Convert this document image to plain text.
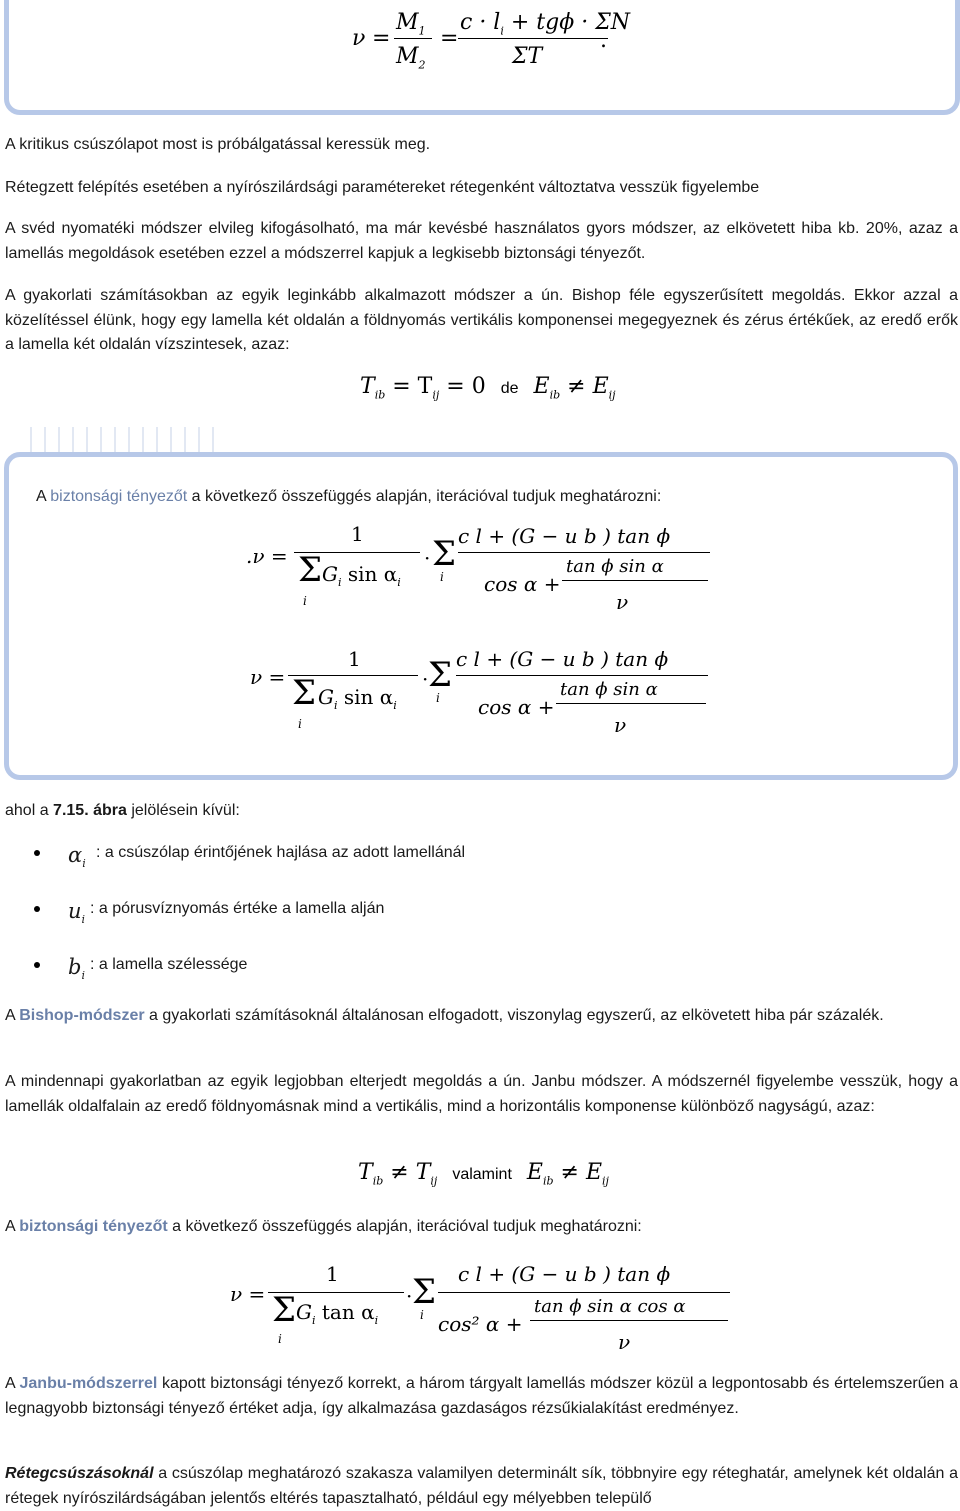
ν =
$M_1$
$M_2$
=
$c \cdot l_i + tg\phi \cdot \Sigma N$
ΣT
.

A kritikus csúszólapot most is próbálgatással keressük meg.

Rétegzett felépítés esetében a nyírószilárdsági paramétereket rétegenként változtatva vesszük figyelembe

A svéd nyomatéki módszer elvileg kifogásolható, ma már kevésbé használatos gyors módszer, az elkövetett hiba kb. 20%, azaz a lamellás megoldások esetében ezzel a módszerrel kapjuk a legkisebb biztonsági tényezőt.

A gyakorlati számításokban az egyik leginkább alkalmazott módszer a ún. Bishop féle egyszerűsített megoldás. Ekkor azzal a közelítéssel élünk, hogy egy lamella két oldalán a földnyomás vertikális komponensei megegyeznek és zérus értékűek, az eredő erők a lamella két oldalán vízszintesek, azaz:

$T_{ib} = T_{ij} = 0$ de $E_{ib} \ne E_{ij}$

A biztonsági tényezőt a következő összefüggés alapján, iterációval tudjuk meghatározni:

.ν =
1
Σ $G_i$ $\sin \alpha_i$
i
· Σ
i
c l + (G − u b ) tan ϕ
cos α +
tan ϕ sin α
ν
ν =
1
Σ $G_i$ $\sin \alpha_i$
i
· Σ
i
c l + (G − u b ) tan ϕ
cos α +
tan ϕ sin α
ν

ahol a 7.15. ábra jelölésein kívül:

$\alpha_i$
: a csúszólap érintőjének hajlása az adott lamellánál
$u_i$
: a pórusvíznyomás értéke a lamella alján
$b_i$
: a lamella szélessége

A Bishop-módszer a gyakorlati számításoknál általánosan elfogadott, viszonylag egyszerű, az elkövetett hiba pár százalék.

A mindennapi gyakorlatban az egyik legjobban elterjedt megoldás a ún. Janbu módszer. A módszernél figyelembe vesszük, hogy a lamellák oldalfalain az eredő földnyomásnak mind a vertikális, mind a horizontális komponense különböző nagyságú, azaz:

$T_{ib} \ne T_{ij}$ valamint $E_{ib} \ne E_{ij}$

A biztonsági tényezőt a következő összefüggés alapján, iterációval tudjuk meghatározni:

ν =
1
Σ $G_i$ $\tan \alpha_i$
i
· Σ
i
c l + (G − u b ) tan ϕ
cos² α +
tan ϕ sin α cos α
ν

A Janbu-módszerrel kapott biztonsági tényező korrekt, a három tárgyalt lamellás módszer közül a legpontosabb és értelemszerűen a legnagyobb biztonsági tényező értéket adja, így alkalmazása gazdaságos rézsűkialakítást eredményez.

Rétegcsúszásoknál a csúszólap meghatározó szakasza valamilyen determinált sík, többnyire egy réteghatár, amelynek két oldalán a rétegek nyírószilárdságában jelentős eltérés tapasztalható, például egy mélyebben települő
